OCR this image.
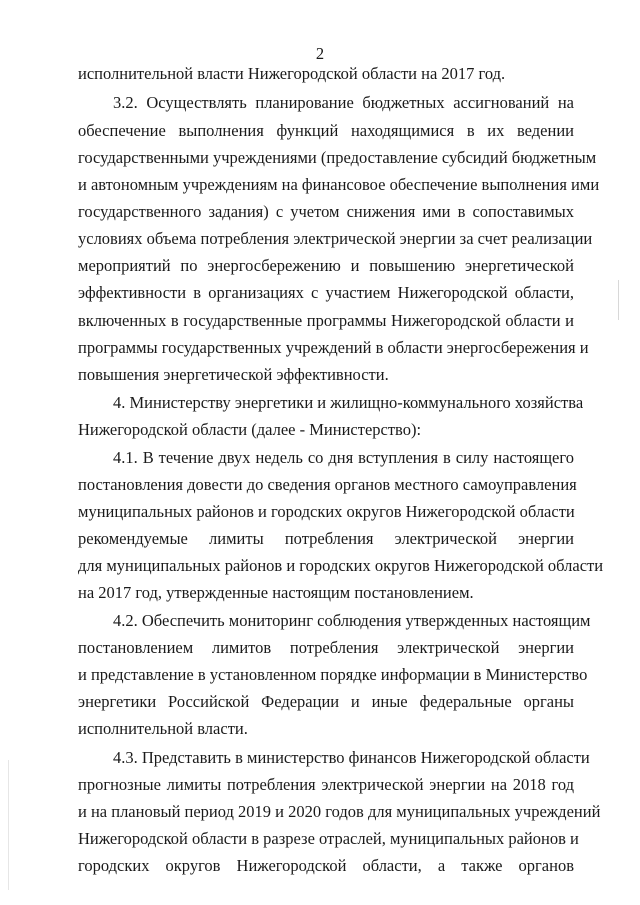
2
исполнительной власти Нижегородской области на 2017 год.
3.2. Осуществлять планирование бюджетных ассигнований на
обеспечение выполнения функций находящимися в их ведении
государственными учреждениями (предоставление субсидий бюджетным
и автономным учреждениям на финансовое обеспечение выполнения ими
государственного задания) с учетом снижения ими в сопоставимых
условиях объема потребления электрической энергии за счет реализации
мероприятий по энергосбережению и повышению энергетической
эффективности в организациях с участием Нижегородской области,
включенных в государственные программы Нижегородской области и
программы государственных учреждений в области энергосбережения и
повышения энергетической эффективности.
4. Министерству энергетики и жилищно-коммунального хозяйства
Нижегородской области (далее - Министерство):
4.1. В течение двух недель со дня вступления в силу настоящего
постановления довести до сведения органов местного самоуправления
муниципальных районов и городских округов Нижегородской области
рекомендуемые лимиты потребления электрической энергии
для муниципальных районов и городских округов Нижегородской области
на 2017 год, утвержденные настоящим постановлением.
4.2. Обеспечить мониторинг соблюдения утвержденных настоящим
постановлением лимитов потребления электрической энергии
и представление в установленном порядке информации в Министерство
энергетики Российской Федерации и иные федеральные органы
исполнительной власти.
4.3. Представить в министерство финансов Нижегородской области
прогнозные лимиты потребления электрической энергии на 2018 год
и на плановый период 2019 и 2020 годов для муниципальных учреждений
Нижегородской области в разрезе отраслей, муниципальных районов и
городских округов Нижегородской области, а также органов
